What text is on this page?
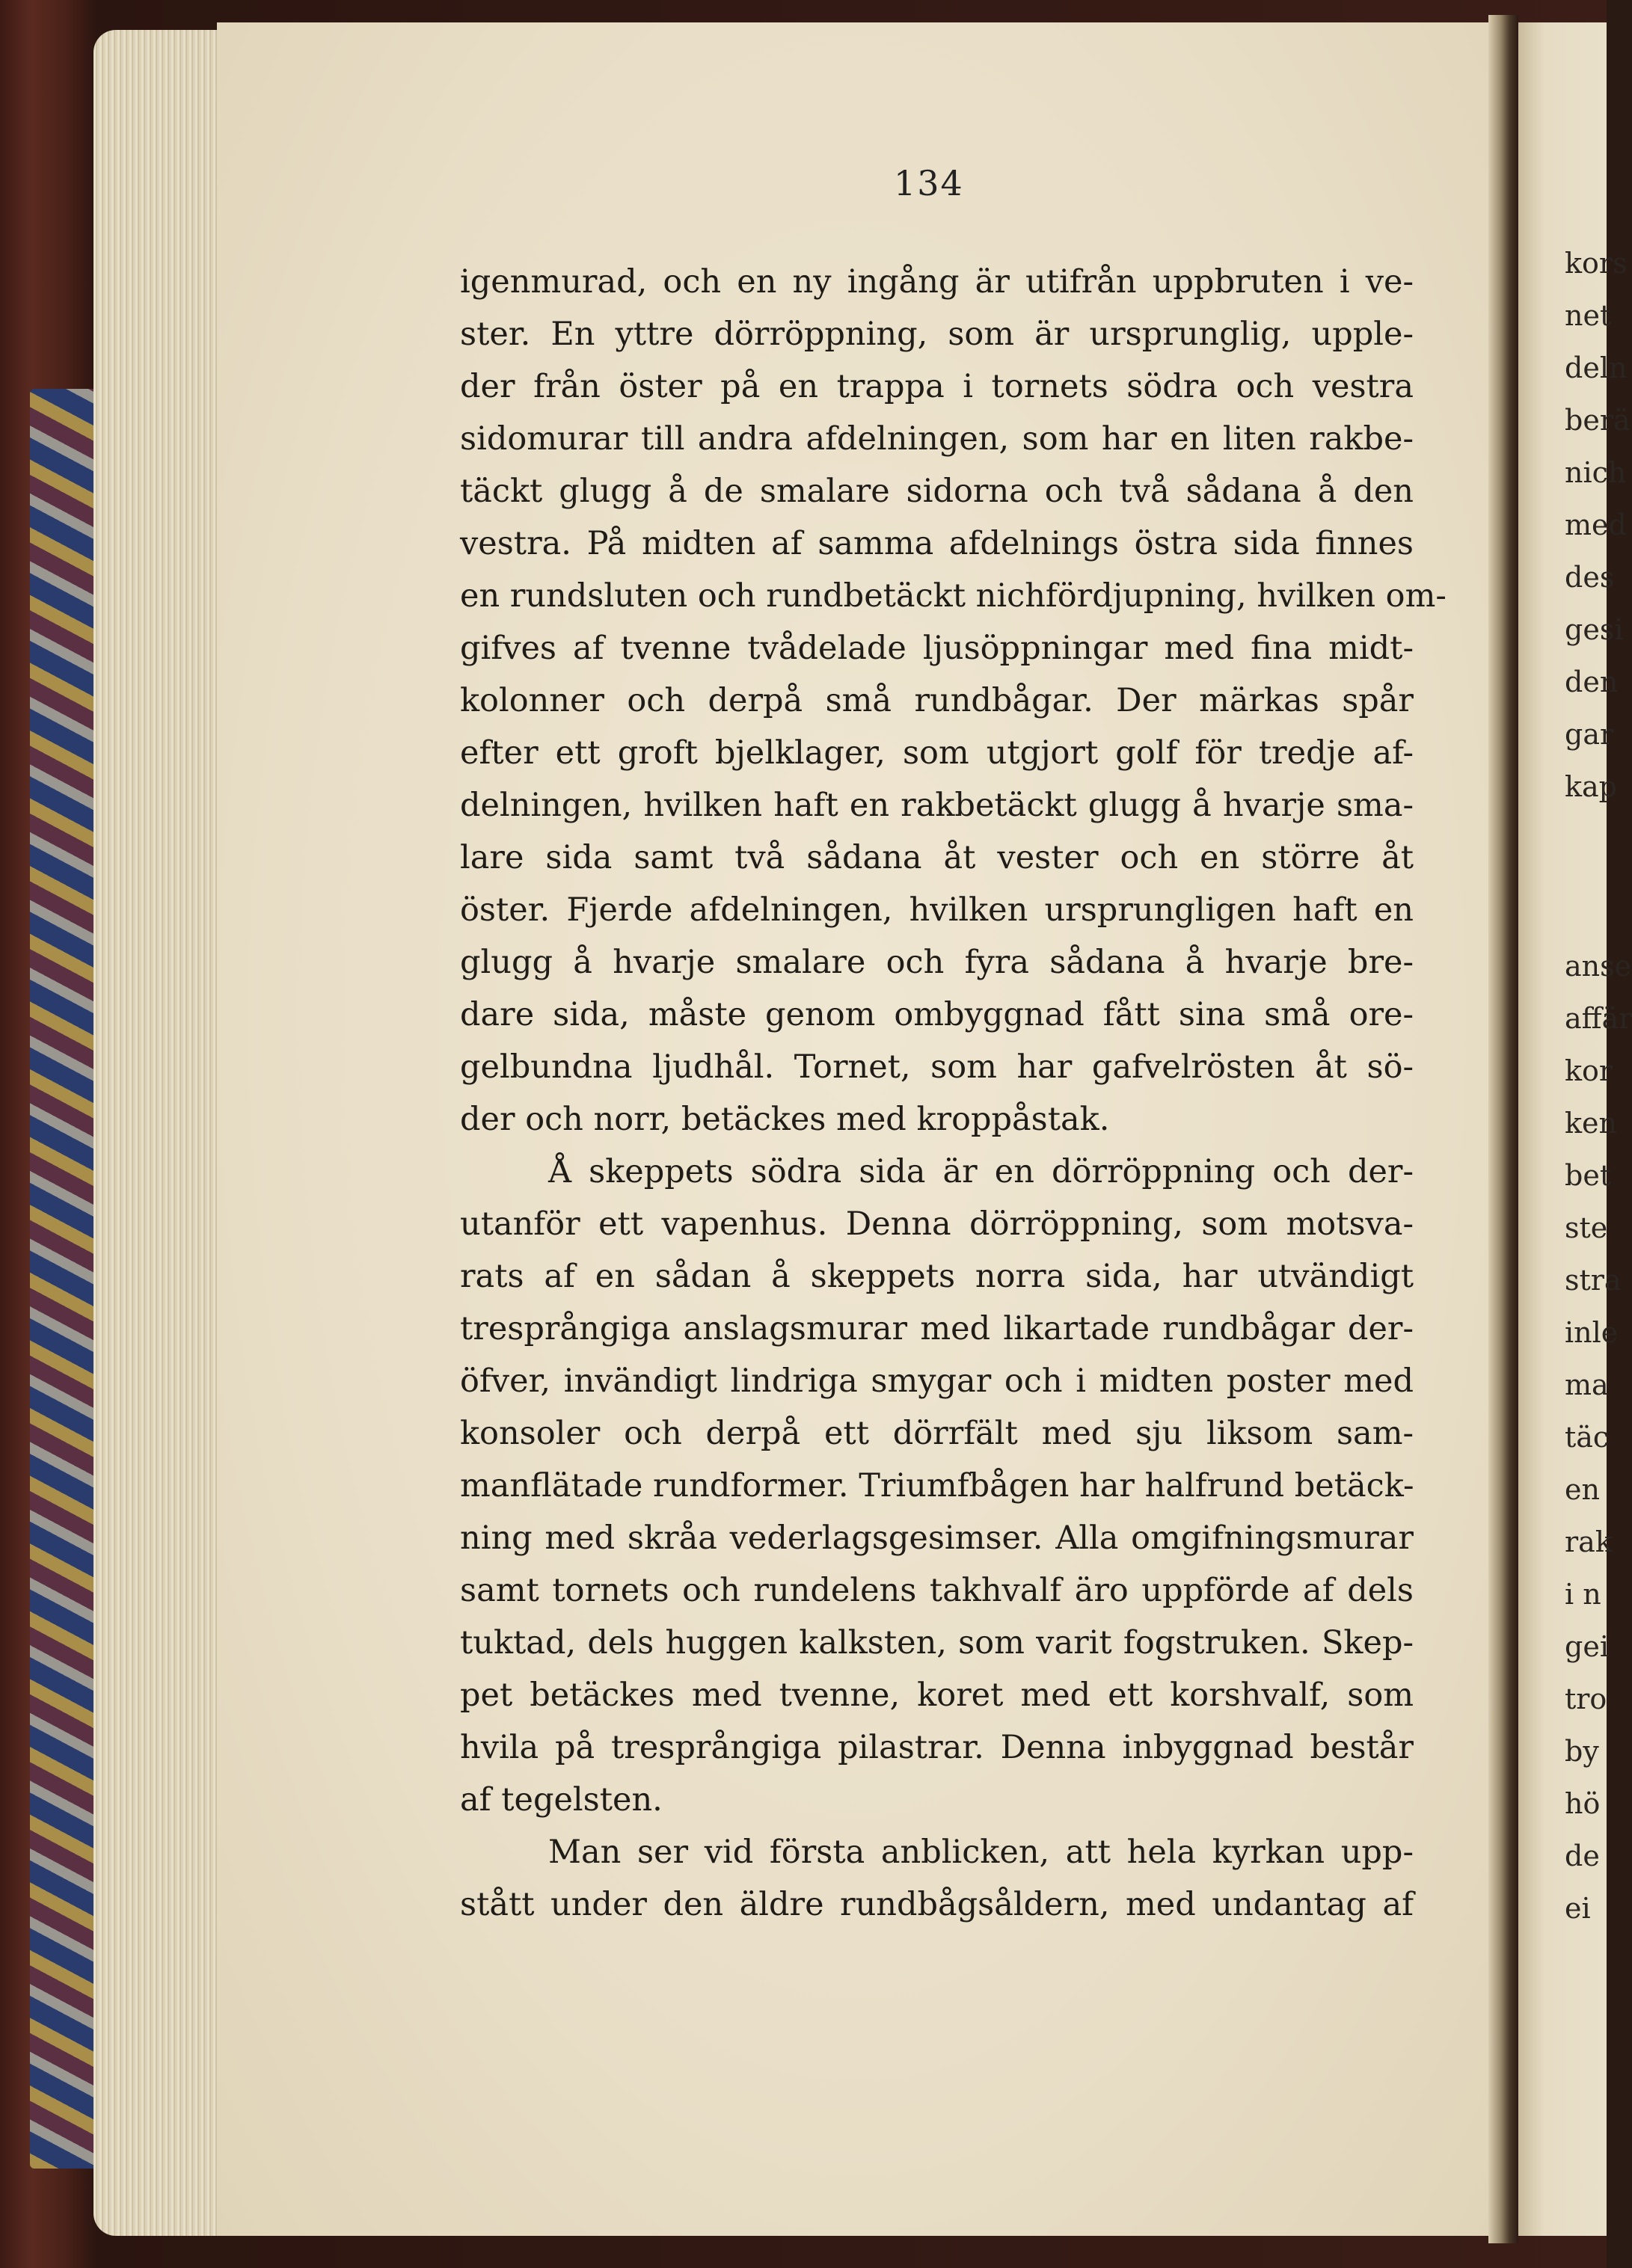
kors
net
deln
berä
nich
med
des
gesi
den
gar
kap
anse
affär
kor
ken
bet
ste
stra
inle
ma
täc
en
rak
i n
gei
tro
by
hö
de
ei
134
igenmurad, och en ny ingång är utifrån uppbruten i ve-
ster. En yttre dörröppning, som är ursprunglig, upple-
der från öster på en trappa i tornets södra och vestra
sidomurar till andra afdelningen, som har en liten rakbe-
täckt glugg å de smalare sidorna och två sådana å den
vestra. På midten af samma afdelnings östra sida finnes
en rundsluten och rundbetäckt nichfördjupning, hvilken om-
gifves af tvenne tvådelade ljusöppningar med fina midt-
kolonner och derpå små rundbågar. Der märkas spår
efter ett groft bjelklager, som utgjort golf för tredje af-
delningen, hvilken haft en rakbetäckt glugg å hvarje sma-
lare sida samt två sådana åt vester och en större åt
öster. Fjerde afdelningen, hvilken ursprungligen haft en
glugg å hvarje smalare och fyra sådana å hvarje bre-
dare sida, måste genom ombyggnad fått sina små ore-
gelbundna ljudhål. Tornet, som har gafvelrösten åt sö-
der och norr, betäckes med kroppåstak.
Å skeppets södra sida är en dörröppning och der-
utanför ett vapenhus. Denna dörröppning, som motsva-
rats af en sådan å skeppets norra sida, har utvändigt
tresprångiga anslagsmurar med likartade rundbågar der-
öfver, invändigt lindriga smygar och i midten poster med
konsoler och derpå ett dörrfält med sju liksom sam-
manflätade rundformer. Triumfbågen har halfrund betäck-
ning med skråa vederlagsgesimser. Alla omgifningsmurar
samt tornets och rundelens takhvalf äro uppförde af dels
tuktad, dels huggen kalksten, som varit fogstruken. Skep-
pet betäckes med tvenne, koret med ett korshvalf, som
hvila på tresprångiga pilastrar. Denna inbyggnad består
af tegelsten.
Man ser vid första anblicken, att hela kyrkan upp-
stått under den äldre rundbågsåldern, med undantag af
